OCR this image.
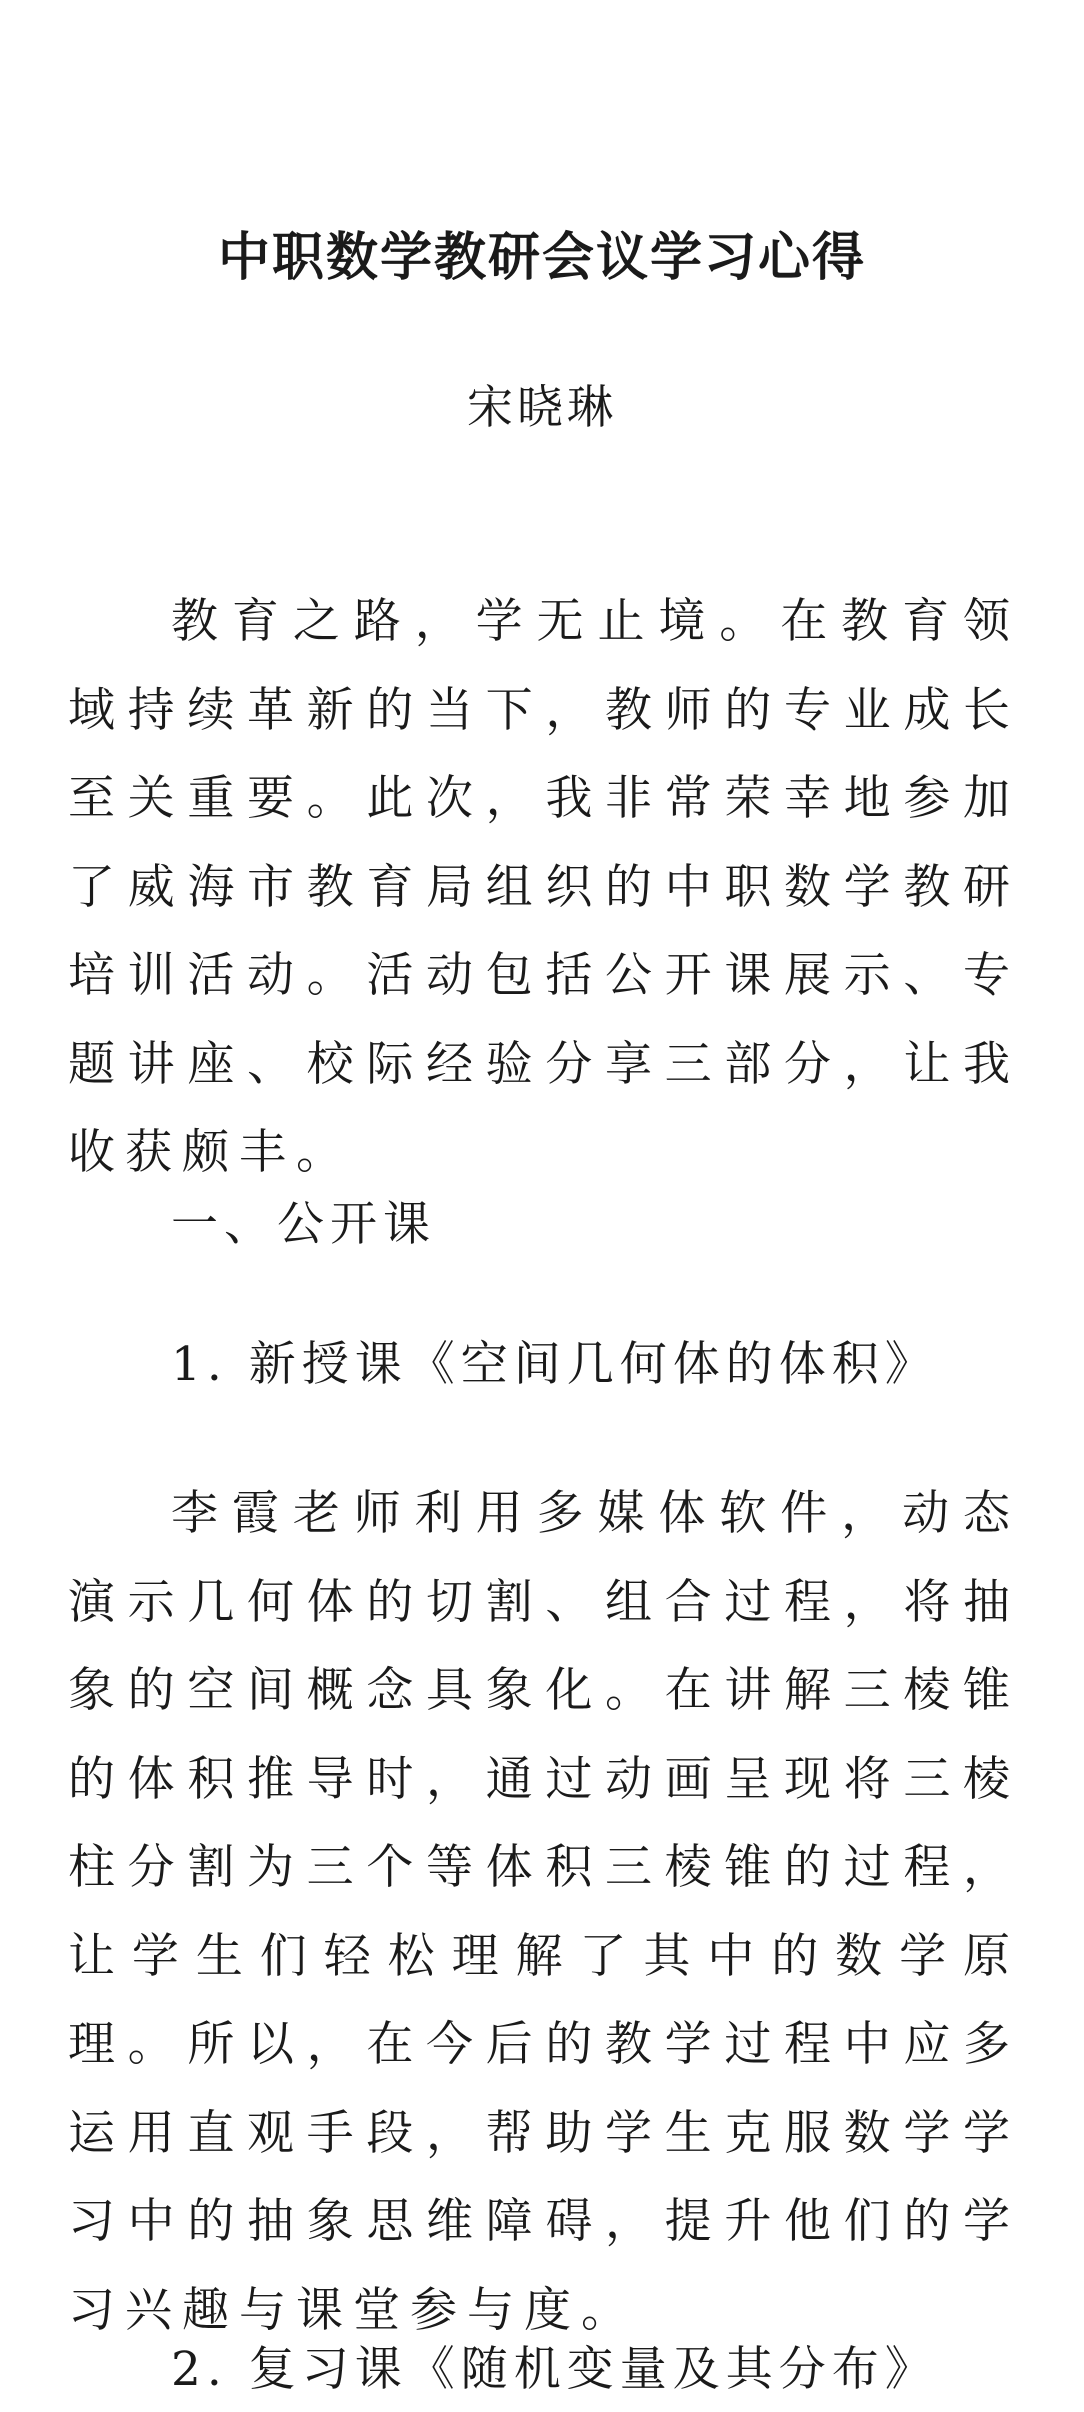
中职数学教研会议学习心得

宋晓琳

教育之路，学无止境。在教育领域持续革新的当下，教师的专业成长至关重要。此次，我非常荣幸地参加了威海市教育局组织的中职数学教研培训活动。活动包括公开课展示、专题讲座、校际经验分享三部分，让我收获颇丰。

一、公开课

1. 新授课《空间几何体的体积》

李霞老师利用多媒体软件，动态演示几何体的切割、组合过程，将抽象的空间概念具象化。在讲解三棱锥的体积推导时，通过动画呈现将三棱柱分割为三个等体积三棱锥的过程，让学生们轻松理解了其中的数学原理。所以，在今后的教学过程中应多运用直观手段，帮助学生克服数学学习中的抽象思维障碍，提升他们的学习兴趣与课堂参与度。

2. 复习课《随机变量及其分布》
